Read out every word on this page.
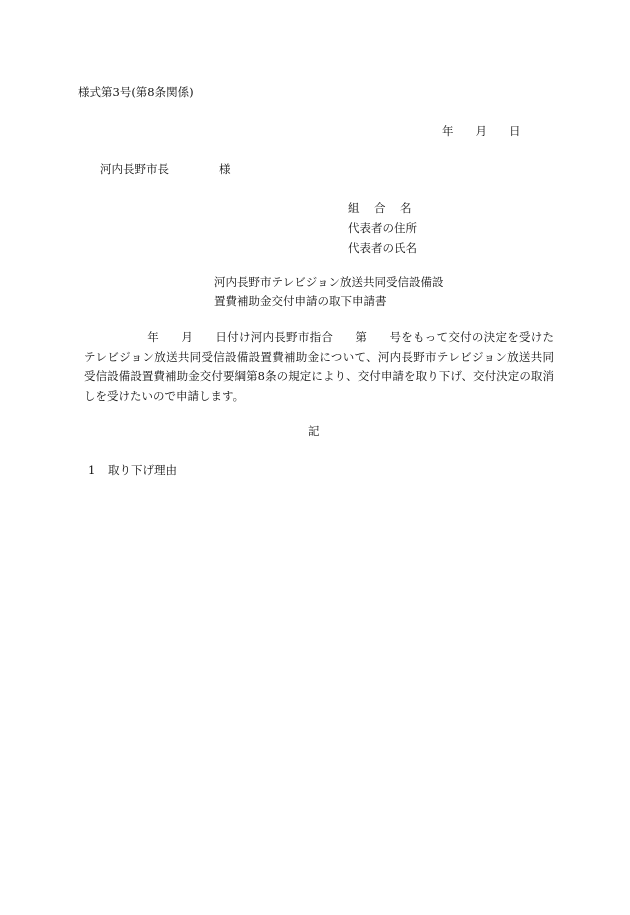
様式第3号(第8条関係)
年 月 日
河内長野市長	様
組 合 名
代表者の住所
代表者の氏名
河内長野市テレビジョン放送共同受信設備設
置費補助金交付申請の取下申請書
年 月 日付け河内長野市指合 第 号をもって交付の決定を受けたテレビジョン放送共同受信設備設置費補助金について、河内長野市テレビジョン放送共同受信設備設置費補助金交付要綱第8条の規定により、交付申請を取り下げ、交付決定の取消しを受けたいので申請します。
記
1 取り下げ理由
